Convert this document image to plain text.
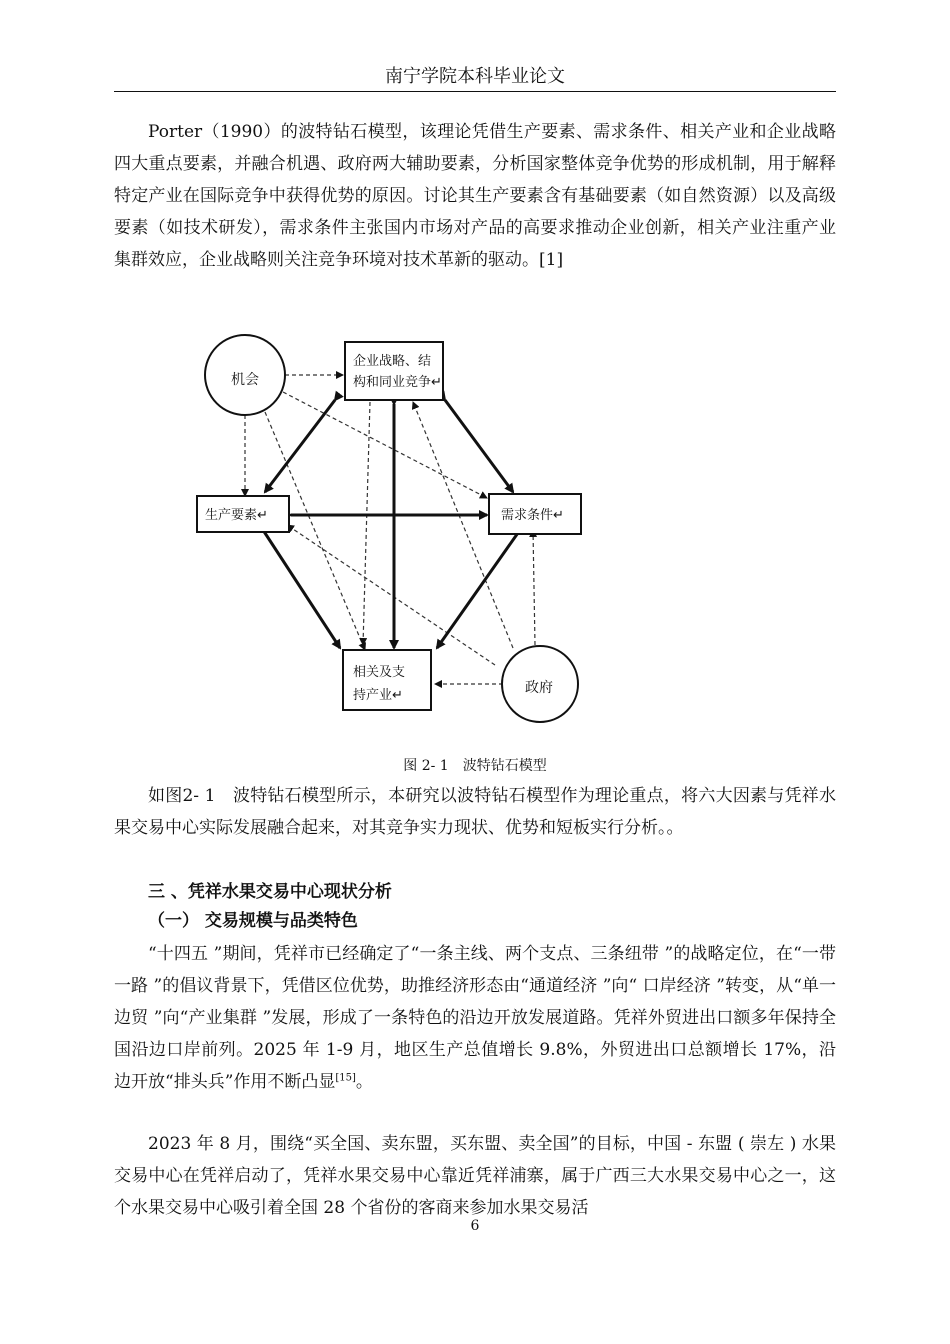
南宁学院本科毕业论文

Porter（1990）的波特钻石模型，该理论凭借生产要素、需求条件、相关产业和企业战略四大重点要素，并融合机遇、政府两大辅助要素，分析国家整体竞争优势的形成机制，用于解释特定产业在国际竞争中获得优势的原因。讨论其生产要素含有基础要素（如自然资源）以及高级要素（如技术研发），需求条件主张国内市场对产品的高要求推动企业创新，相关产业注重产业集群效应，企业战略则关注竞争环境对技术革新的驱动。[1]

企业战略、结
构和同业竞争↵
生产要素↵	需求条件↵
相关及支
持产业↵
机会
政府
图 2- 1　波特钻石模型

如图2- 1　波特钻石模型所示，本研究以波特钻石模型作为理论重点，将六大因素与凭祥水果交易中心实际发展融合起来，对其竞争实力现状、优势和短板实行分析。。

三 、凭祥水果交易中心现状分析

（一） 交易规模与品类特色

“十四五 ”期间，凭祥市已经确定了“一条主线、两个支点、三条纽带 ”的战略定位，在“一带一路 ”的倡议背景下，凭借区位优势，助推经济形态由“通道经济 ”向“ 口岸经济 ”转变，从“单一边贸 ”向“产业集群 ”发展，形成了一条特色的沿边开放发展道路。凭祥外贸进出口额多年保持全国沿边口岸前列。2025 年 1-9 月，地区生产总值增长 9.8%，外贸进出口总额增长 17%，沿边开放“排头兵”作用不断凸显[15]。

2023 年 8 月，围绕“买全国、卖东盟，买东盟、卖全国”的目标，中国 - 东盟 ( 崇左 ) 水果交易中心在凭祥启动了，凭祥水果交易中心靠近凭祥浦寨，属于广西三大水果交易中心之一，这个水果交易中心吸引着全国 28 个省份的客商来参加水果交易活

6
